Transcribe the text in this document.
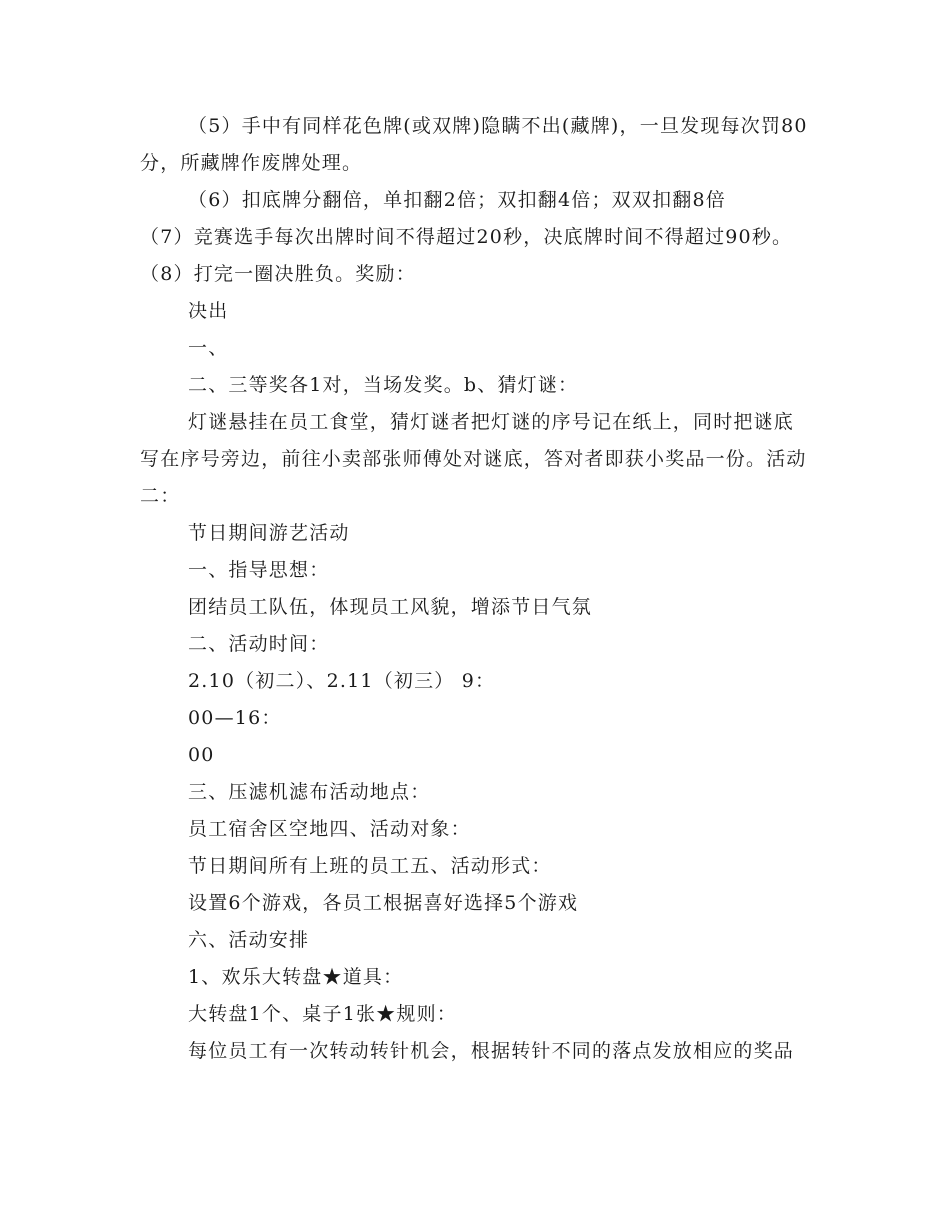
（5）手中有同样花色牌(或双牌)隐瞒不出(藏牌)，一旦发现每次罚80分，所藏牌作废牌处理。

（6）扣底牌分翻倍，单扣翻2倍；双扣翻4倍；双双扣翻8倍

（7）竞赛选手每次出牌时间不得超过20秒，决底牌时间不得超过90秒。（8）打完一圈决胜负。奖励：

决出

一、

二、三等奖各1对，当场发奖。b、猜灯谜：

灯谜悬挂在员工食堂，猜灯谜者把灯谜的序号记在纸上，同时把谜底写在序号旁边，前往小卖部张师傅处对谜底，答对者即获小奖品一份。活动二：

节日期间游艺活动

一、指导思想：

团结员工队伍，体现员工风貌，增添节日气氛

二、活动时间：

2.10（初二）、2.11（初三） 9：

00—16：

00

三、压滤机滤布活动地点：

员工宿舍区空地四、活动对象：

节日期间所有上班的员工五、活动形式：

设置6个游戏，各员工根据喜好选择5个游戏

六、活动安排

1、欢乐大转盘★道具：

大转盘1个、桌子1张★规则：

每位员工有一次转动转针机会，根据转针不同的落点发放相应的奖品
